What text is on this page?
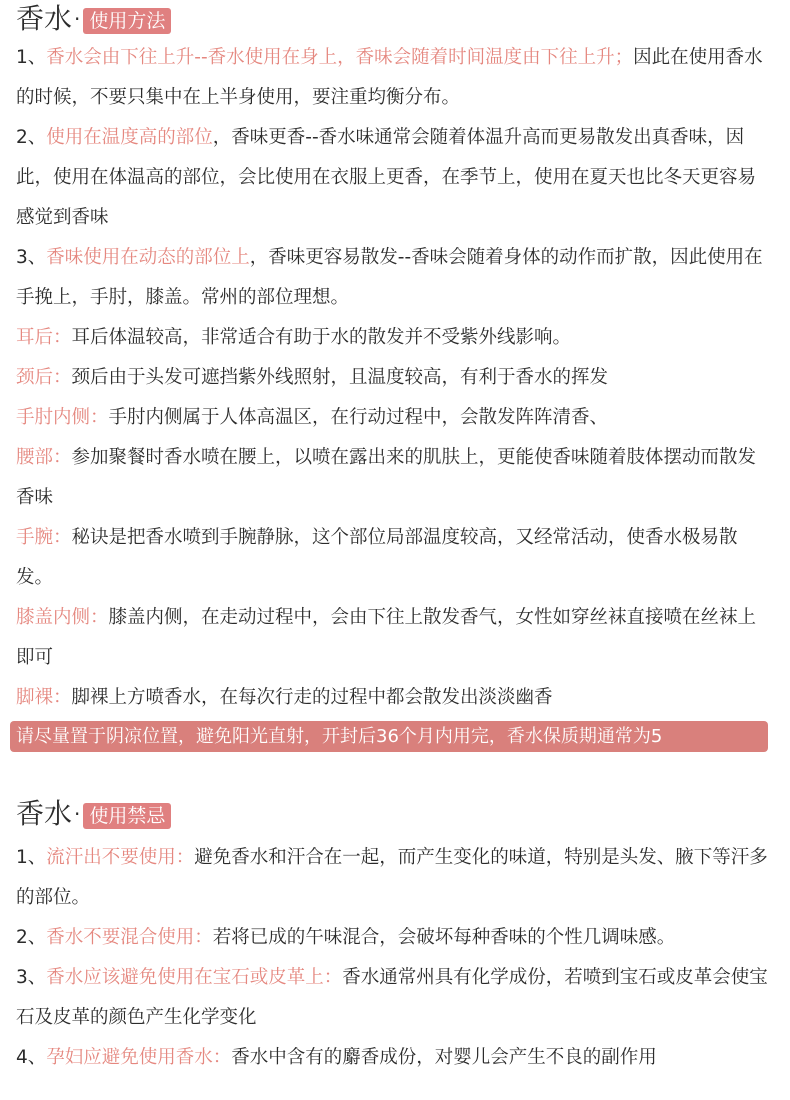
香水 · 使用方法

1、香水会由下往上升--香水使用在身上，香味会随着时间温度由下往上升；因此在使用香水的时候，不要只集中在上半身使用，要注重均衡分布。

2、使用在温度高的部位，香味更香--香水味通常会随着体温升高而更易散发出真香味，因此，使用在体温高的部位，会比使用在衣服上更香，在季节上，使用在夏天也比冬天更容易感觉到香味

3、香味使用在动态的部位上，香味更容易散发--香味会随着身体的动作而扩散，因此使用在手挽上，手肘，膝盖。常州的部位理想。

耳后：耳后体温较高，非常适合有助于水的散发并不受紫外线影响。

颈后：颈后由于头发可遮挡紫外线照射，且温度较高，有利于香水的挥发

手肘内侧：手肘内侧属于人体高温区，在行动过程中，会散发阵阵清香、

腰部：参加聚餐时香水喷在腰上，以喷在露出来的肌肤上，更能使香味随着肢体摆动而散发香味

手腕：秘诀是把香水喷到手腕静脉，这个部位局部温度较高，又经常活动，使香水极易散发。

膝盖内侧：膝盖内侧，在走动过程中，会由下往上散发香气，女性如穿丝袜直接喷在丝袜上即可

脚裸：脚裸上方喷香水，在每次行走的过程中都会散发出淡淡幽香

请尽量置于阴凉位置，避免阳光直射，开封后36个月内用完，香水保质期通常为5
香水 · 使用禁忌

1、流汗出不要使用：避免香水和汗合在一起，而产生变化的味道，特别是头发、腋下等汗多的部位。

2、香水不要混合使用：若将已成的午味混合，会破坏每种香味的个性几调味感。

3、香水应该避免使用在宝石或皮革上：香水通常州具有化学成份，若喷到宝石或皮革会使宝石及皮革的颜色产生化学变化

4、孕妇应避免使用香水：香水中含有的麝香成份，对婴儿会产生不良的副作用
